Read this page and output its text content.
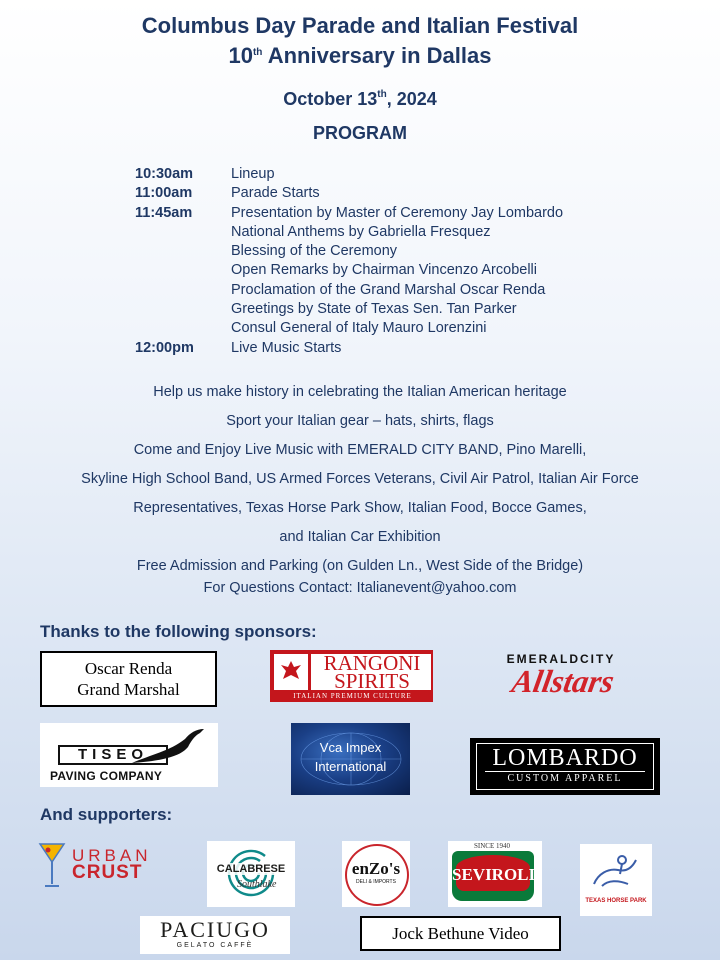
Columbus Day Parade and Italian Festival
10th Anniversary in Dallas
October 13th, 2024
PROGRAM
10:30am	Lineup
11:00am	Parade Starts
11:45am	Presentation by Master of Ceremony Jay Lombardo
National Anthems by Gabriella Fresquez
Blessing of the Ceremony
Open Remarks by Chairman Vincenzo Arcobelli
Proclamation of the Grand Marshal Oscar Renda
Greetings by State of Texas Sen. Tan Parker
Consul General of Italy Mauro Lorenzini
12:00pm	Live Music Starts
Help us make history in celebrating the Italian American heritage
Sport your Italian gear – hats, shirts, flags
Come and Enjoy Live Music with EMERALD CITY BAND, Pino Marelli,
Skyline High School Band, US Armed Forces Veterans, Civil Air Patrol, Italian Air Force
Representatives, Texas Horse Park Show, Italian Food, Bocce Games,
and Italian Car Exhibition
Free Admission and Parking (on Gulden Ln., West Side of the Bridge)
For Questions Contact: Italianevent@yahoo.com
Thanks to the following sponsors:
Oscar Renda
Grand Marshal
RANGONI
SPIRITS
ITALIAN PREMIUM CULTURE
EMERALDCITY
Allstars
TISEO
PAVING COMPANY
Vca Impex
International	LOMBARDO
CUSTOM APPAREL
And supporters:
URBAN
CRUST	CALABRESE
Southlake
enZo's
DELI & IMPORTS
SINCE 1940
SEVIROLI
TEXAS HORSE PARK
PACIUGO
GELATO CAFFÈ
Jock Bethune Video
